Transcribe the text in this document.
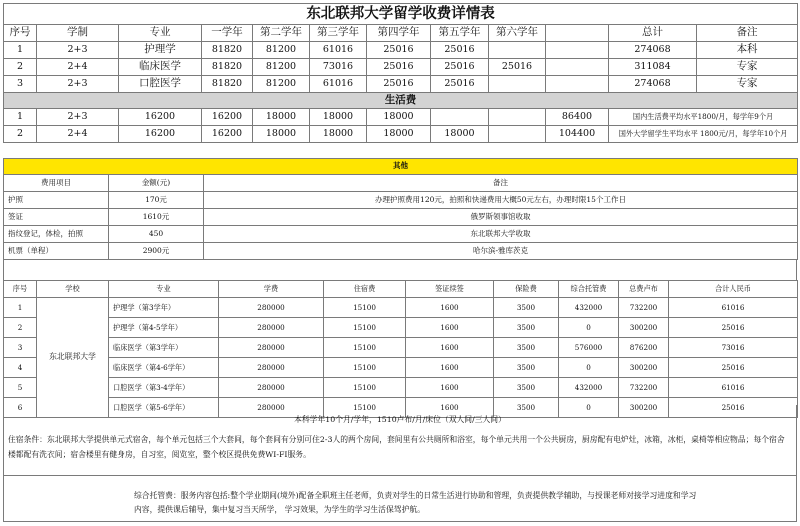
东北联邦大学留学收费详情表											
序号	学制	专业	一学年	第二学年	第三学年	第四学年	第五学年	第六学年		总计	备注
1	2+3	护理学	81820	81200	61016	25016	25016			274068	本科
2	2+4	临床医学	81820	81200	73016	25016	25016	25016		311084	专家
3	2+3	口腔医学	81820	81200	61016	25016	25016			274068	专家
生活费											
1	2+3	16200	16200	18000	18000	18000			86400	国内生活费平均水平1800/月，每学年9个月	
2	2+4	16200	16200	18000	18000	18000	18000		104400	国外大学留学生平均水平 1800元/月，每学年10个月	
其他		
费用项目	金额(元)	备注
护照	170元	办理护照费用120元，拍照和快递费用大概50元左右，办理时限15个工作日
签证	1610元	俄罗斯领事馆收取
指纹登记，体检，拍照	450	东北联邦大学收取
机票（单程）	2900元	哈尔滨-雅库茨克
序号	学校	专业	学费	住宿费	签证续签	保险费	综合托管费	总费卢布	合计人民币
1	东北联邦大学	护理学（第3学年）	280000	15100	1600	3500	432000	732200	61016
2		护理学（第4-5学年）	280000	15100	1600	3500	0	300200	25016
3		临床医学（第3学年）	280000	15100	1600	3500	576000	876200	73016
4		临床医学（第4-6学年）	280000	15100	1600	3500	0	300200	25016
5		口腔医学（第3-4学年）	280000	15100	1600	3500	432000	732200	61016
6		口腔医学（第5-6学年）	280000	15100	1600	3500	0	300200	25016
本科学年10个月/学年，1510卢布/月/床位（双人间/三人间）
住宿条件：东北联邦大学提供单元式宿舍，每个单元包括三个大套间，每个套间有分别可住2-3人的两个房间，套间里有公共厕所和浴室，每个单元共用一个公共厨房，厨房配有电炉灶，冰箱，冰柜，桌椅等相应物品；每个宿舍楼都配有洗衣间；宿舍楼里有健身房，自习室，阅览室，整个校区提供免费WI-FI服务。
综合托管费：服务内容包括:整个学业期间(境外)配备全职班主任老师，负责对学生的日常生活进行协助和管理，负责提供教学辅助，与授课老师对接学习进度和学习内容，提供课后辅导，集中复习当天所学， 学习效果，为学生的学习生活保驾护航。
